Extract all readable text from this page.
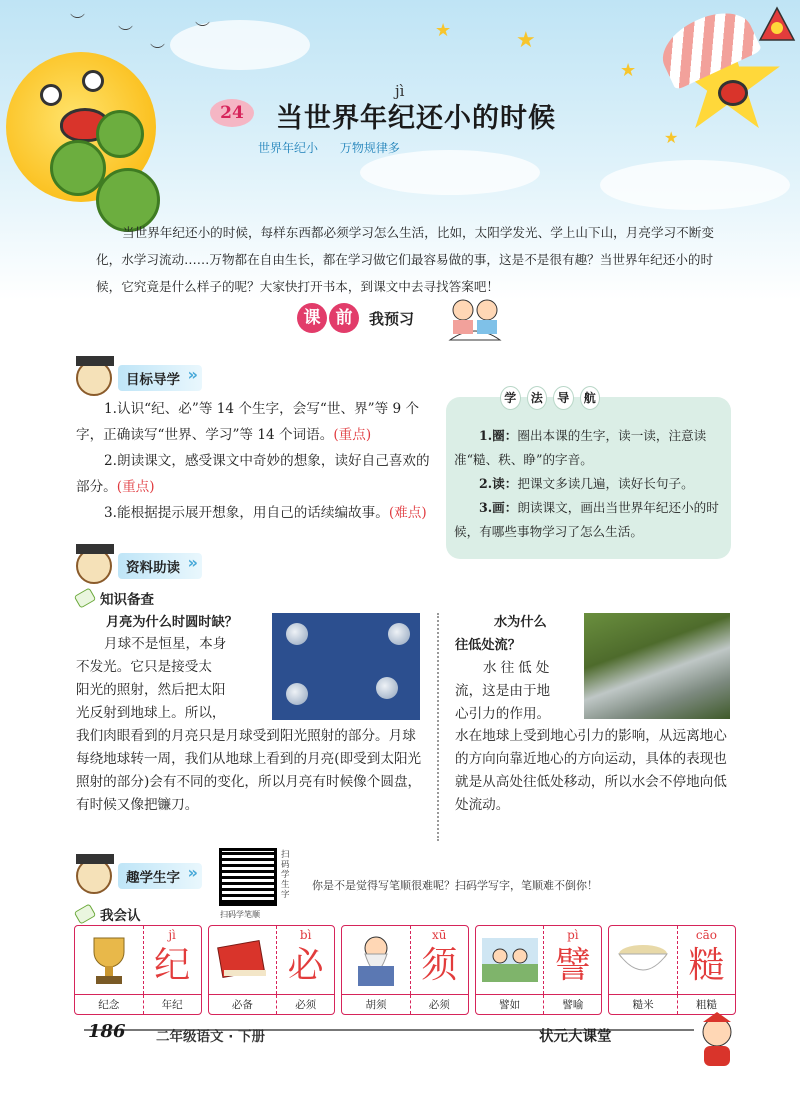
︶
︶
︶
︶	★	★
★
★
24
jì
当世界年纪还小的时候
世界年纪小 万物规律多

当世界年纪还小的时候，每样东西都必须学习怎么生活，比如，太阳学发光、学上山下山，月亮学习不断变化，水学习流动……万物都在自由生长，都在学习做它们最容易做的事，这是不是很有趣？当世界年纪还小的时候，它究竟是什么样子的呢？大家快打开书本，到课文中去寻找答案吧！

课 前	我预习
目标导学 »

1.认识“纪、必”等 14 个生字，会写“世、界”等 9 个字，正确读写“世界、学习”等 14 个词语。(重点)

2.朗读课文，感受课文中奇妙的想象，读好自己喜欢的部分。(重点)

3.能根据提示展开想象，用自己的话续编故事。(难点)

学	法	导	航

1.圈：圈出本课的生字，读一读，注意读准“糙、秩、睁”的字音。

2.读：把课文多读几遍，读好长句子。

3.画：朗读课文，画出当世界年纪还小的时候，有哪些事物学习了怎么生活。

资料助读 »
知识备查
月亮为什么时圆时缺？
月球不是恒星，本身
不发光。它只是接受太
阳光的照射，然后把太阳
光反射到地球上。所以，
我们肉眼看到的月亮只是月球受到阳光照射的部分。月球每绕地球转一周，我们从地球上看到的月亮(即受到太阳光照射的部分)会有不同的变化，所以月亮有时候像个圆盘，有时候又像把镰刀。
水为什么
往低处流？
水往低处
流，这是由于地
心引力的作用。
水在地球上受到地心引力的影响，从远离地心的方向向靠近地心的方向运动，具体的表现也就是从高处往低处移动，所以水会不停地向低处流动。
趣学生字 »
扫码学笔顺
扫码学生字
你是不是觉得写笔顺很难呢？扫码学写字，笔顺难不倒你！
我会认
jì
纪
纪念	年纪
bì
必
必备	必须
xū
须
胡须	必须
pì
譬
譬如	譬喻
cāo
糙
糙米	粗糙
186 二年级语文 · 下册	状元大课堂
